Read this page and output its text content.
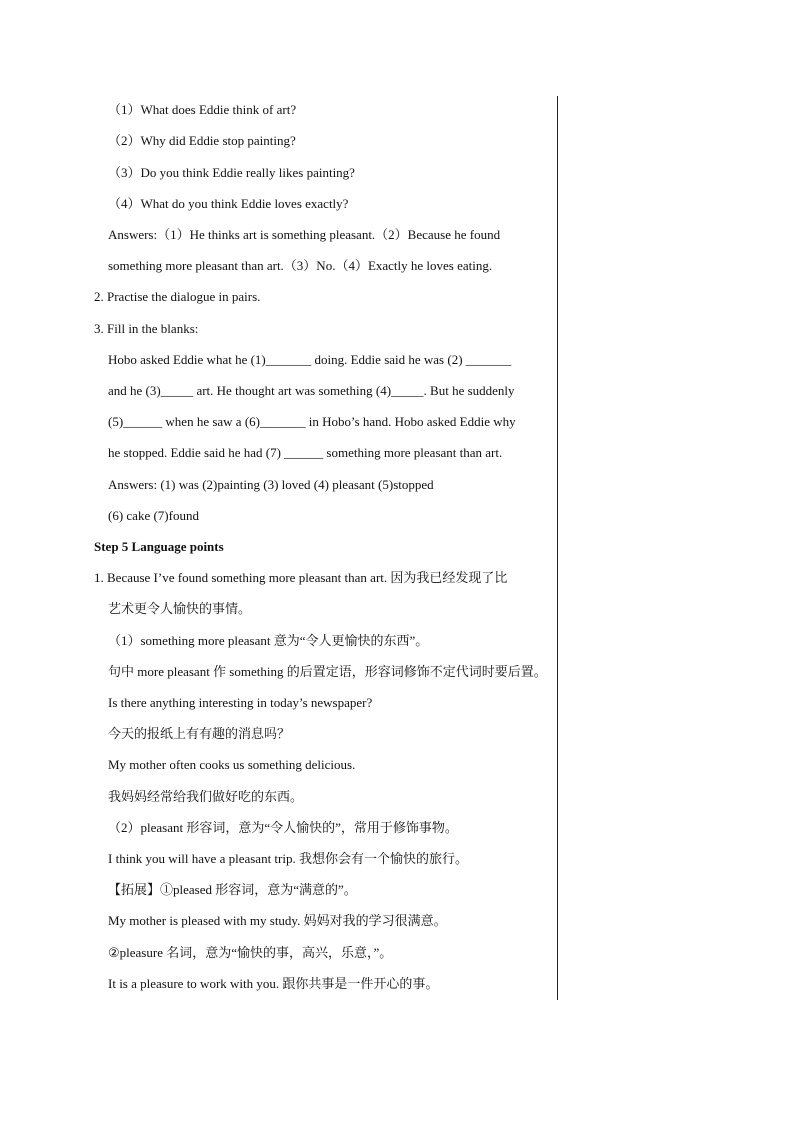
（1）What does Eddie think of art?
（2）Why did Eddie stop painting?
（3）Do you think Eddie really likes painting?
（4）What do you think Eddie loves exactly?
Answers:（1）He thinks art is something pleasant.（2）Because he found
something more pleasant than art.（3）No.（4）Exactly he loves eating.
2. Practise the dialogue in pairs.
3. Fill in the blanks:
Hobo asked Eddie what he (1)_______ doing. Eddie said he was (2) _______
and he (3)_____ art. He thought art was something (4)_____. But he suddenly
(5)______ when he saw a (6)_______ in Hobo’s hand. Hobo asked Eddie why
he stopped. Eddie said he had (7) ______ something more pleasant than art.
Answers: (1) was (2)painting (3) loved (4) pleasant (5)stopped
(6) cake (7)found
Step 5 Language points
1. Because I’ve found something more pleasant than art. 因为我已经发现了比
艺术更令人愉快的事情。
（1）something more pleasant 意为“令人更愉快的东西”。
句中 more pleasant 作 something 的后置定语，形容词修饰不定代词时要后置。
Is there anything interesting in today’s newspaper?
今天的报纸上有有趣的消息吗？
My mother often cooks us something delicious.
我妈妈经常给我们做好吃的东西。
（2）pleasant 形容词，意为“令人愉快的”，常用于修饰事物。
I think you will have a pleasant trip. 我想你会有一个愉快的旅行。
【拓展】①pleased 形容词，意为“满意的”。
My mother is pleased with my study. 妈妈对我的学习很满意。
②pleasure 名词，意为“愉快的事，高兴，乐意，”。
It is a pleasure to work with you. 跟你共事是一件开心的事。
